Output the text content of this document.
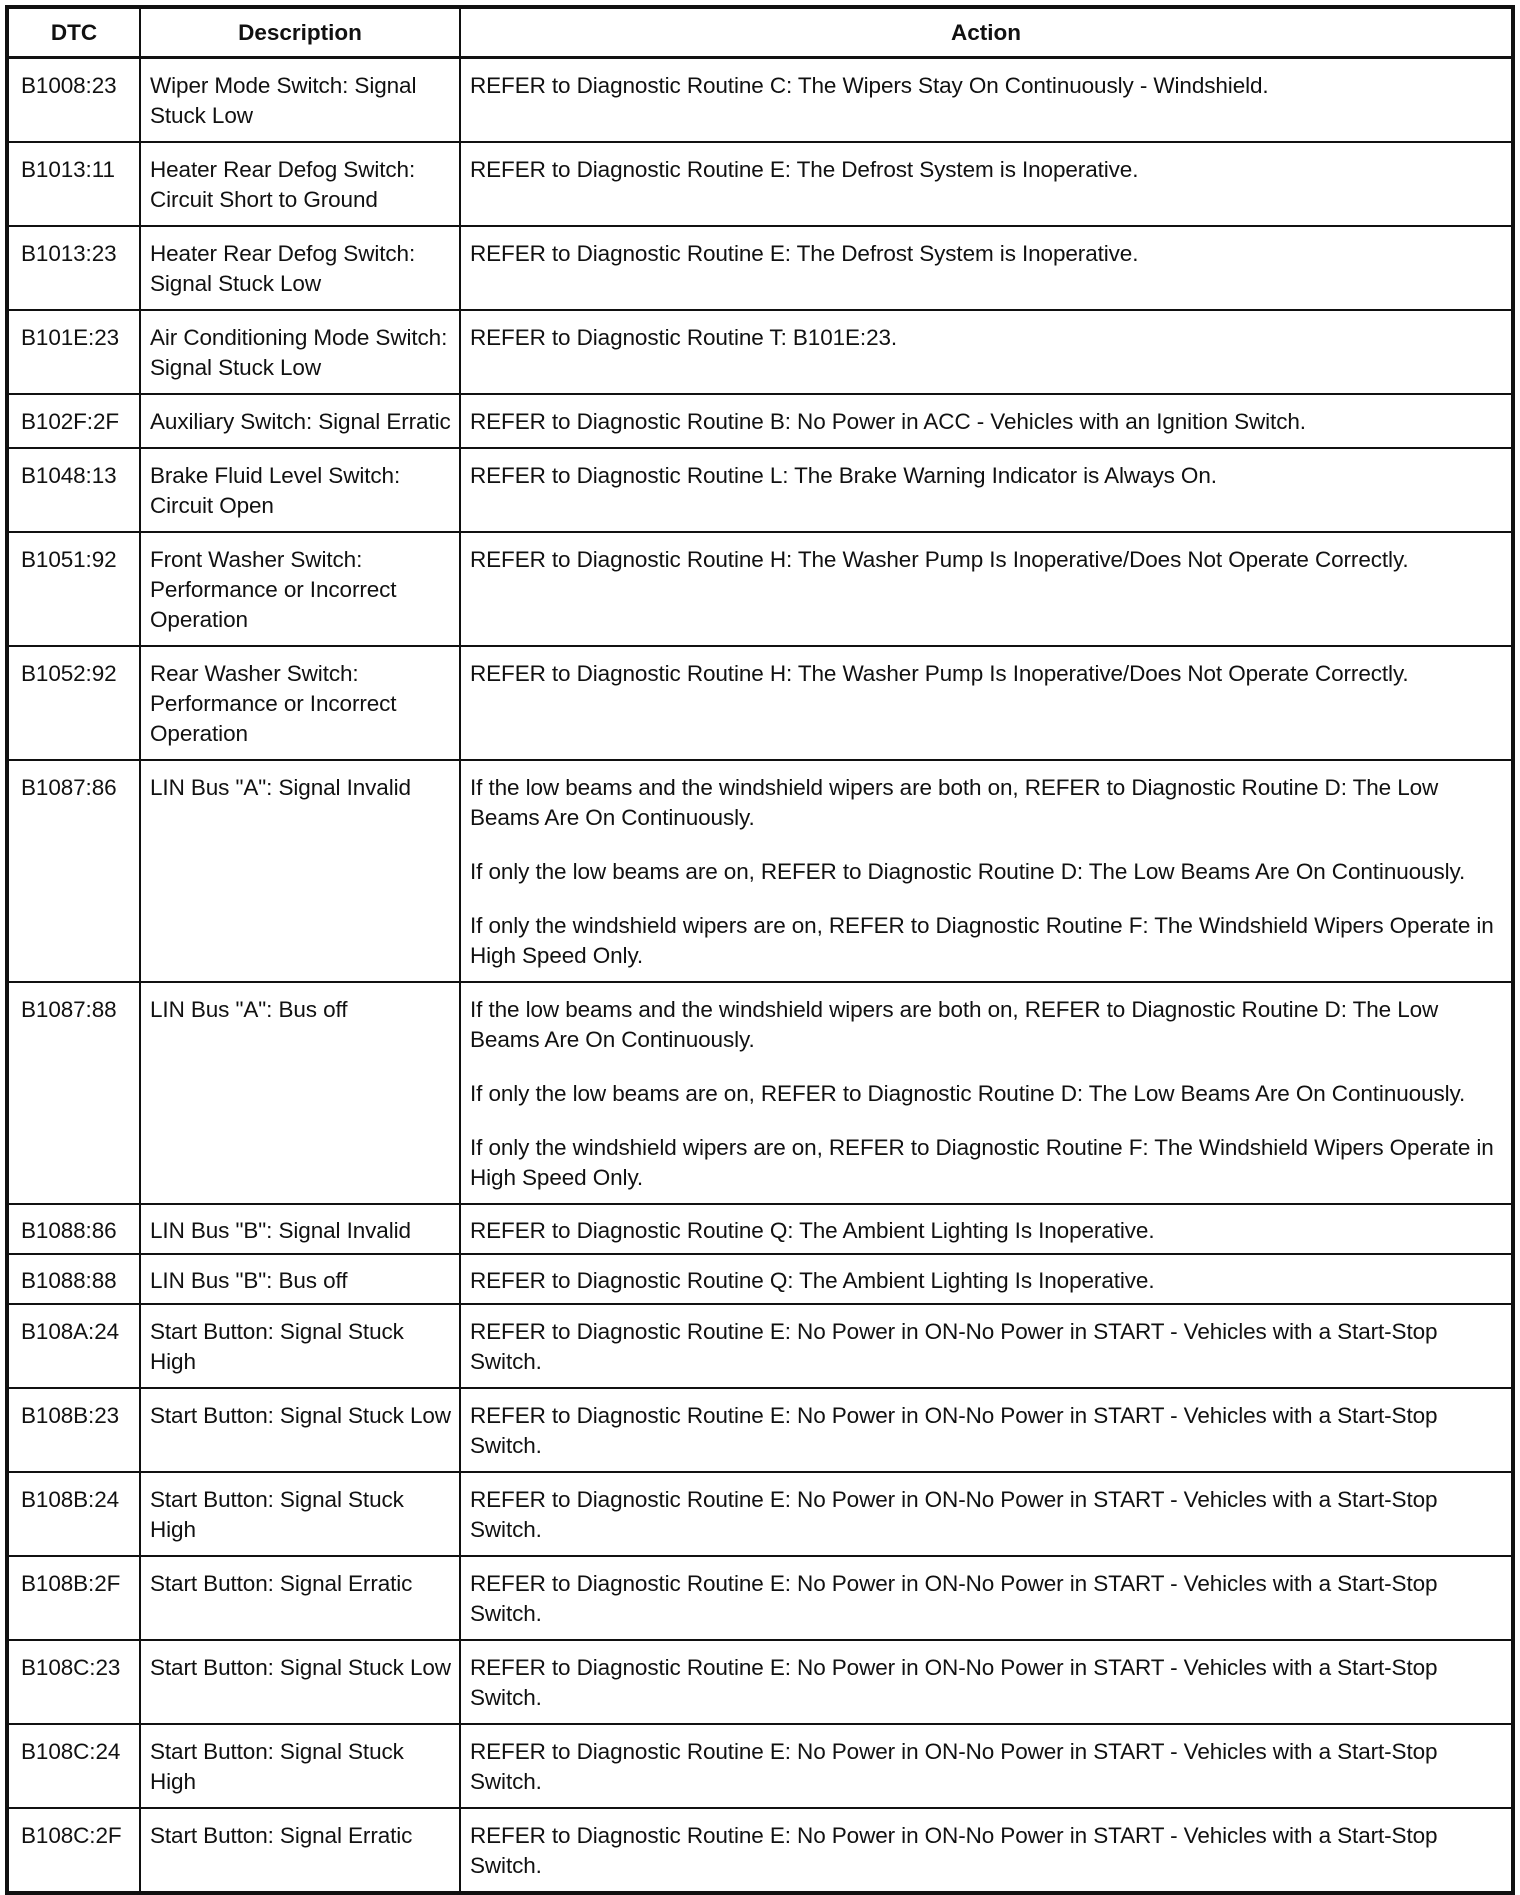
DTC	Description	Action
B1008:23	Wiper Mode Switch: Signal Stuck Low	REFER to Diagnostic Routine C: The Wipers Stay On Continuously - Windshield.

B1013:11	Heater Rear Defog Switch: Circuit Short to Ground	REFER to Diagnostic Routine E: The Defrost System is Inoperative.

B1013:23	Heater Rear Defog Switch: Signal Stuck Low	REFER to Diagnostic Routine E: The Defrost System is Inoperative.

B101E:23	Air Conditioning Mode Switch: Signal Stuck Low	REFER to Diagnostic Routine T: B101E:23.

B102F:2F	Auxiliary Switch: Signal Erratic	REFER to Diagnostic Routine B: No Power in ACC - Vehicles with an Ignition Switch.

B1048:13	Brake Fluid Level Switch: Circuit Open	REFER to Diagnostic Routine L: The Brake Warning Indicator is Always On.

B1051:92	Front Washer Switch: Performance or Incorrect Operation	REFER to Diagnostic Routine H: The Washer Pump Is Inoperative/Does Not Operate Correctly.

B1052:92	Rear Washer Switch: Performance or Incorrect Operation	REFER to Diagnostic Routine H: The Washer Pump Is Inoperative/Does Not Operate Correctly.

B1087:86	LIN Bus "A": Signal Invalid	If the low beams and the windshield wipers are both on, REFER to Diagnostic Routine D: The Low Beams Are On Continuously.

If only the low beams are on, REFER to Diagnostic Routine D: The Low Beams Are On Continuously.

If only the windshield wipers are on, REFER to Diagnostic Routine F: The Windshield Wipers Operate in High Speed Only.

B1087:88	LIN Bus "A": Bus off	If the low beams and the windshield wipers are both on, REFER to Diagnostic Routine D: The Low Beams Are On Continuously.

If only the low beams are on, REFER to Diagnostic Routine D: The Low Beams Are On Continuously.

If only the windshield wipers are on, REFER to Diagnostic Routine F: The Windshield Wipers Operate in High Speed Only.

B1088:86	LIN Bus "B": Signal Invalid	REFER to Diagnostic Routine Q: The Ambient Lighting Is Inoperative.

B1088:88	LIN Bus "B": Bus off	REFER to Diagnostic Routine Q: The Ambient Lighting Is Inoperative.

B108A:24	Start Button: Signal Stuck High	REFER to Diagnostic Routine E: No Power in ON-No Power in START - Vehicles with a Start-Stop Switch.

B108B:23	Start Button: Signal Stuck Low	REFER to Diagnostic Routine E: No Power in ON-No Power in START - Vehicles with a Start-Stop Switch.

B108B:24	Start Button: Signal Stuck High	REFER to Diagnostic Routine E: No Power in ON-No Power in START - Vehicles with a Start-Stop Switch.

B108B:2F	Start Button: Signal Erratic	REFER to Diagnostic Routine E: No Power in ON-No Power in START - Vehicles with a Start-Stop Switch.

B108C:23	Start Button: Signal Stuck Low	REFER to Diagnostic Routine E: No Power in ON-No Power in START - Vehicles with a Start-Stop Switch.

B108C:24	Start Button: Signal Stuck High	REFER to Diagnostic Routine E: No Power in ON-No Power in START - Vehicles with a Start-Stop Switch.

B108C:2F	Start Button: Signal Erratic	REFER to Diagnostic Routine E: No Power in ON-No Power in START - Vehicles with a Start-Stop Switch.
